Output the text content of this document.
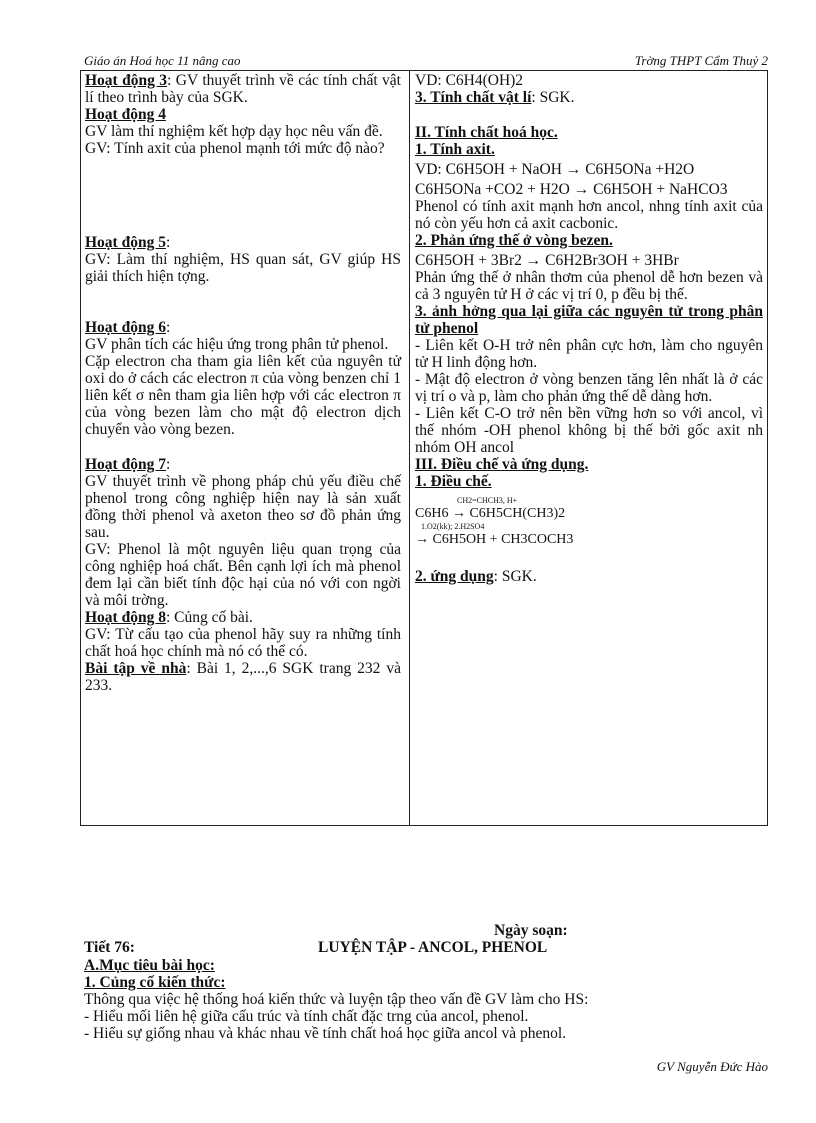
Giáo án Hoá học 11 nâng cao	Trờng THPT Cẩm Thuỷ 2

Hoạt động 3: GV thuyết trình về các tính chất vật lí theo trình bày của SGK.

Hoạt động 4

GV làm thí nghiệm kết hợp dạy học nêu vấn đề.

GV: Tính axit của phenol mạnh tới mức độ nào?

Hoạt động 5:

GV: Làm thí nghiệm, HS quan sát, GV giúp HS giải thích hiện tợng.

Hoạt động 6:

GV phân tích các hiệu ứng trong phân tử phenol.

Cặp electron cha tham gia liên kết của nguyên tử oxi do ở cách các electron π của vòng benzen chỉ 1 liên kết σ nên tham gia liên hợp với các electron π của vòng bezen làm cho mật độ electron dịch chuyển vào vòng bezen.

Hoạt động 7:

GV thuyết trình về phong pháp chủ yếu điều chế phenol trong công nghiệp hiện nay là sản xuất đồng thời phenol và axeton theo sơ đồ phản ứng sau.

GV: Phenol là một nguyên liệu quan trọng của công nghiệp hoá chất. Bên cạnh lợi ích mà phenol đem lại cần biết tính độc hại của nó với con ngời và môi trờng.

Hoạt động 8: Củng cố bài.

GV: Từ cấu tạo của phenol hãy suy ra những tính chất hoá học chính mà nó có thể có.

Bài tập về nhà: Bài 1, 2,...,6 SGK trang 232 và 233.

VD: C6H4(OH)2

3. Tính chất vật lí: SGK.

II. Tính chất hoá học.

1. Tính axit.

VD: C6H5OH + NaOH → C6H5ONa +H2O

C6H5ONa +CO2 + H2O → C6H5OH + NaHCO3

Phenol có tính axit mạnh hơn ancol, nhng tính axit của nó còn yếu hơn cả axit cacbonic.

2. Phản ứng thế ở vòng bezen.

C6H5OH + 3Br2 → C6H2Br3OH + 3HBr

Phản ứng thế ở nhân thơm của phenol dễ hơn bezen và cả 3 nguyên tử H ở các vị trí 0, p đều bị thế.

3. ảnh hởng qua lại giữa các nguyên tử trong phân tử phenol

- Liên kết O-H trở nên phân cực hơn, làm cho nguyên tử H linh động hơn.

- Mật độ electron ở vòng benzen tăng lên nhất là ở các vị trí o và p, làm cho phản ứng thế dễ dàng hơn.

- Liên kết C-O trở nên bền vững hơn so với ancol, vì thế nhóm -OH phenol không bị thế bởi gốc axit nh nhóm OH ancol

III. Điều chế và ứng dụng.

1. Điều chế.

CH2=CHCH3, H+
C6H6 → C6H5CH(CH3)2
1.O2(kk); 2.H2SO4
→ C6H5OH + CH3COCH3

2. ứng dụng: SGK.

Ngày soạn:

Tiết 76:	LUYỆN TẬP - ANCOL, PHENOL

A.Mục tiêu bài học:

1. Củng cố kiến thức:

Thông qua việc hệ thống hoá kiến thức và luyện tập theo vấn đề GV làm cho HS:

- Hiểu mối liên hệ giữa cấu trúc và tính chất đặc trng của ancol, phenol.

- Hiểu sự giống nhau và khác nhau về tính chất hoá học giữa ancol và phenol.

GV Nguyễn Đức Hào
